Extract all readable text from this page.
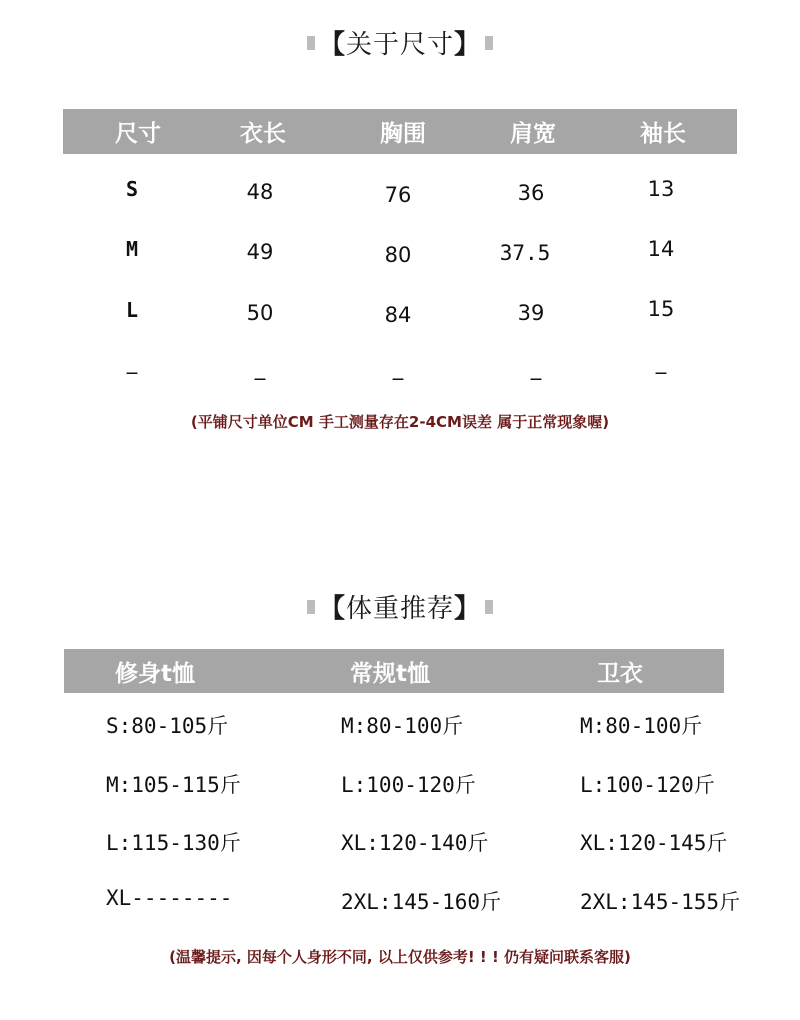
【关于尺寸】
尺寸	衣长	胸围	肩宽	袖长
S	48	76	36	13
M	49	80	37.5	14
L	50	84	39	15
_	_	_	_	_
(平铺尺寸单位CM 手工测量存在2-4CM误差 属于正常现象喔)
【体重推荐】
修身t恤	常规t恤	卫衣
S:80-105斤	M:80-100斤	M:80-100斤
M:105-115斤	L:100-120斤	L:100-120斤
L:115-130斤	XL:120-140斤	XL:120-145斤
XL--------	2XL:145-160斤	2XL:145-155斤
(温馨提示, 因每个人身形不同, 以上仅供参考! ! ! 仍有疑问联系客服)
